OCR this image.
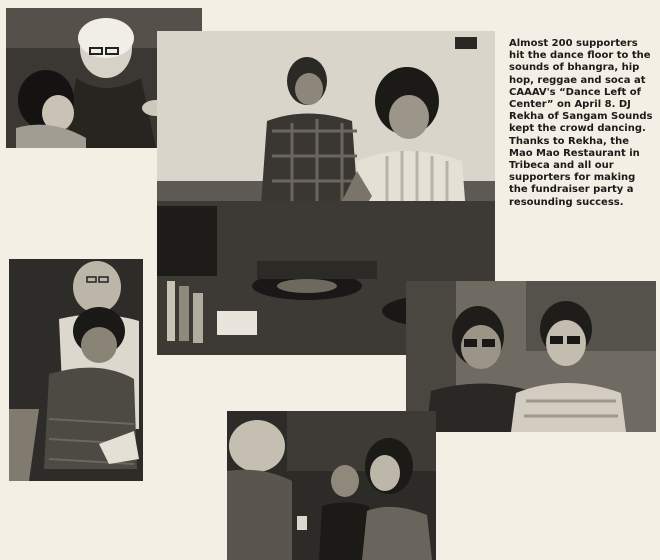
Almost 200 supporters hit the dance floor to the sounds of bhangra, hip hop, reggae and soca at CAAAV's “Dance Left of Center” on April 8. DJ Rekha of Sangam Sounds kept the crowd dancing. Thanks to Rekha, the Mao Mao Restaurant in Tribeca and all our supporters for making the fundraiser party a resounding success.
